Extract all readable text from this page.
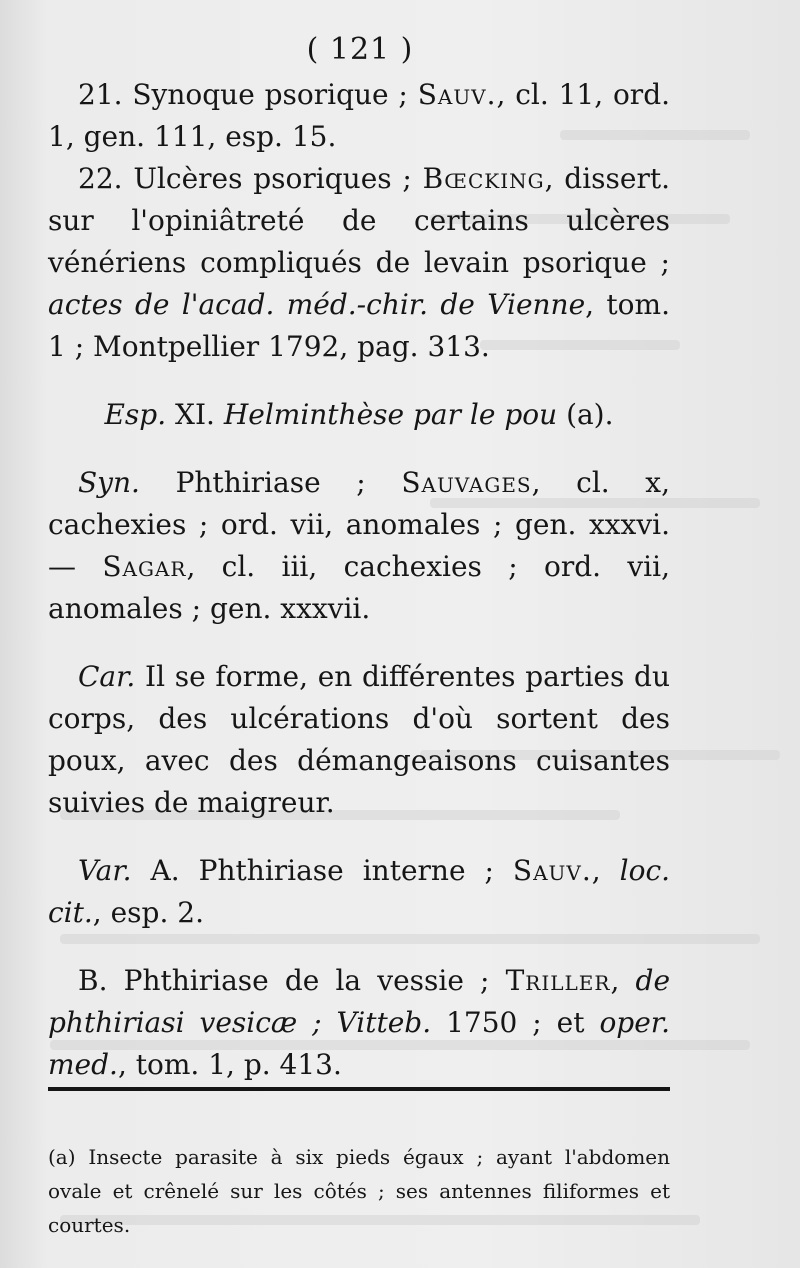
( 121 )

21. Synoque psorique ; Sauv., cl. 11, ord. 1, gen. 111, esp. 15.

22. Ulcères psoriques ; Bœcking, dissert. sur l'opiniâtreté de certains ulcères vénériens compliqués de levain psorique ; actes de l'acad. méd.-chir. de Vienne, tom. 1 ; Montpellier 1792, pag. 313.

Esp. XI. Helminthèse par le pou (a).

Syn. Phthiriase ; Sauvages, cl. x, cachexies ; ord. vii, anomales ; gen. xxxvi. — Sagar, cl. iii, cachexies ; ord. vii, anomales ; gen. xxxvii.

Car. Il se forme, en différentes parties du corps, des ulcérations d'où sortent des poux, avec des démangeaisons cuisantes suivies de maigreur.

Var. A. Phthiriase interne ; Sauv., loc. cit., esp. 2.

B. Phthiriase de la vessie ; Triller, de phthiriasi vesicæ ; Vitteb. 1750 ; et oper. med., tom. 1, p. 413.

(a) Insecte parasite à six pieds égaux ; ayant l'abdomen ovale et crênelé sur les côtés ; ses antennes filiformes et courtes.
